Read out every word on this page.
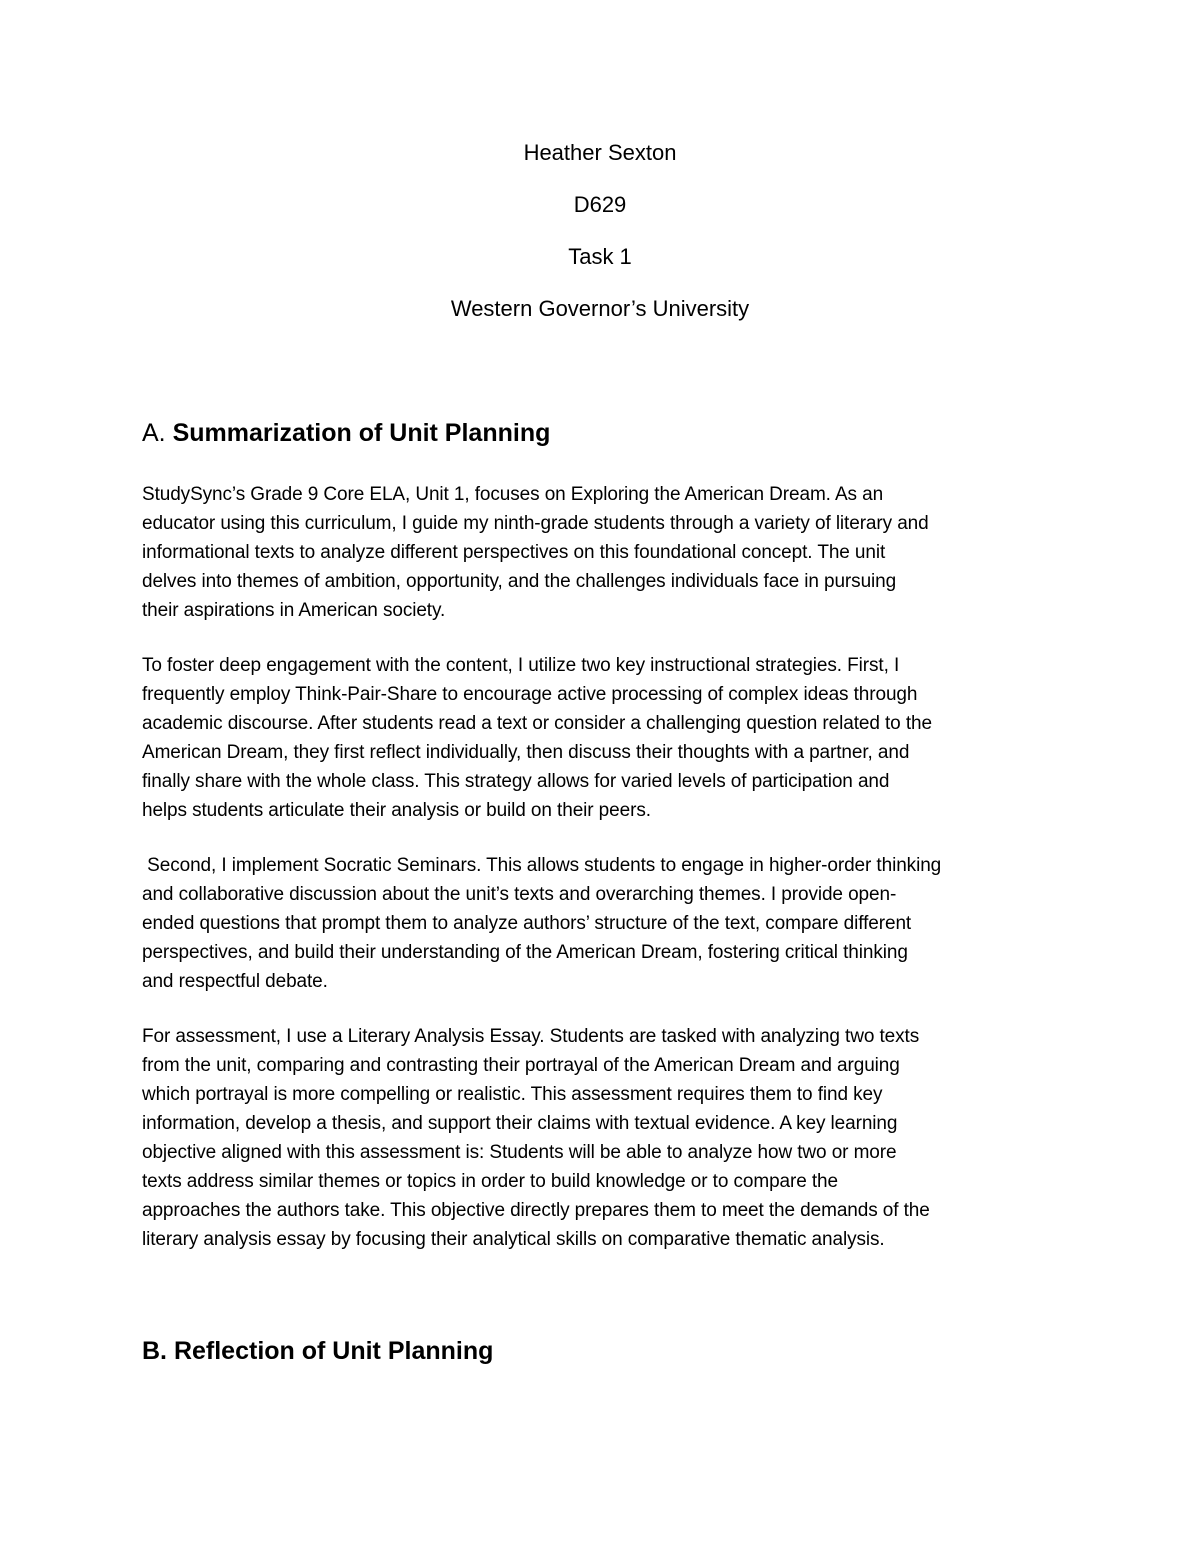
Heather Sexton
D629
Task 1
Western Governor’s University
A. Summarization of Unit Planning
StudySync’s Grade 9 Core ELA, Unit 1, focuses on Exploring the American Dream. As an
educator using this curriculum, I guide my ninth-grade students through a variety of literary and
informational texts to analyze different perspectives on this foundational concept. The unit
delves into themes of ambition, opportunity, and the challenges individuals face in pursuing
their aspirations in American society.
To foster deep engagement with the content, I utilize two key instructional strategies. First, I
frequently employ Think-Pair-Share to encourage active processing of complex ideas through
academic discourse. After students read a text or consider a challenging question related to the
American Dream, they first reflect individually, then discuss their thoughts with a partner, and
finally share with the whole class. This strategy allows for varied levels of participation and
helps students articulate their analysis or build on their peers.
Second, I implement Socratic Seminars. This allows students to engage in higher-order thinking
and collaborative discussion about the unit’s texts and overarching themes. I provide open-
ended questions that prompt them to analyze authors’ structure of the text, compare different
perspectives, and build their understanding of the American Dream, fostering critical thinking
and respectful debate.
For assessment, I use a Literary Analysis Essay. Students are tasked with analyzing two texts
from the unit, comparing and contrasting their portrayal of the American Dream and arguing
which portrayal is more compelling or realistic. This assessment requires them to find key
information, develop a thesis, and support their claims with textual evidence. A key learning
objective aligned with this assessment is: Students will be able to analyze how two or more
texts address similar themes or topics in order to build knowledge or to compare the
approaches the authors take. This objective directly prepares them to meet the demands of the
literary analysis essay by focusing their analytical skills on comparative thematic analysis.
B. Reflection of Unit Planning
